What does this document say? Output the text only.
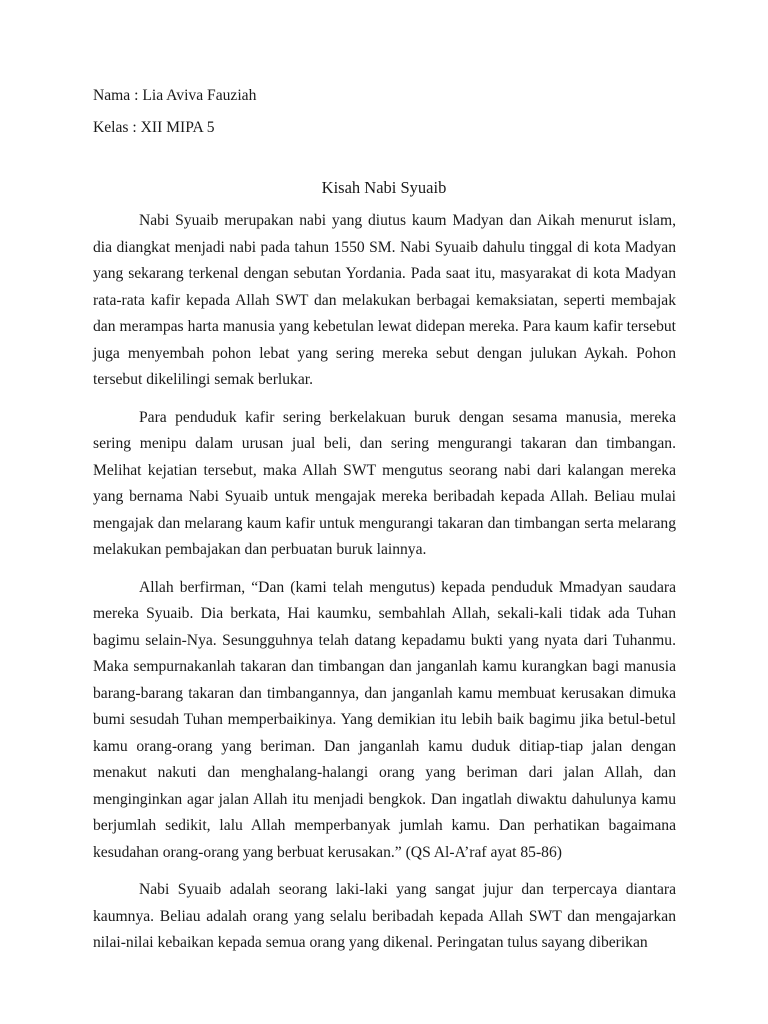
Nama : Lia Aviva Fauziah

Kelas : XII MIPA 5

Kisah Nabi Syuaib

Nabi Syuaib merupakan nabi yang diutus kaum Madyan dan Aikah menurut islam, dia diangkat menjadi nabi pada tahun 1550 SM. Nabi Syuaib dahulu tinggal di kota Madyan yang sekarang terkenal dengan sebutan Yordania. Pada saat itu, masyarakat di kota Madyan rata-rata kafir kepada Allah SWT dan melakukan berbagai kemaksiatan, seperti membajak dan merampas harta manusia yang kebetulan lewat didepan mereka. Para kaum kafir tersebut juga menyembah pohon lebat yang sering mereka sebut dengan julukan Aykah. Pohon tersebut dikelilingi semak berlukar.

Para penduduk kafir sering berkelakuan buruk dengan sesama manusia, mereka sering menipu dalam urusan jual beli, dan sering mengurangi takaran dan timbangan. Melihat kejatian tersebut, maka Allah SWT mengutus seorang nabi dari kalangan mereka yang bernama Nabi Syuaib untuk mengajak mereka beribadah kepada Allah. Beliau mulai mengajak dan melarang kaum kafir untuk mengurangi takaran dan timbangan serta melarang melakukan pembajakan dan perbuatan buruk lainnya.

Allah berfirman, “Dan (kami telah mengutus) kepada penduduk Mmadyan saudara mereka Syuaib. Dia berkata, Hai kaumku, sembahlah Allah, sekali-kali tidak ada Tuhan bagimu selain-Nya. Sesungguhnya telah datang kepadamu bukti yang nyata dari Tuhanmu. Maka sempurnakanlah takaran dan timbangan dan janganlah kamu kurangkan bagi manusia barang-barang takaran dan timbangannya, dan janganlah kamu membuat kerusakan dimuka bumi sesudah Tuhan memperbaikinya. Yang demikian itu lebih baik bagimu jika betul-betul kamu orang-orang yang beriman. Dan janganlah kamu duduk ditiap-tiap jalan dengan menakut nakuti dan menghalang-halangi orang yang beriman dari jalan Allah, dan menginginkan agar jalan Allah itu menjadi bengkok. Dan ingatlah diwaktu dahulunya kamu berjumlah sedikit, lalu Allah memperbanyak jumlah kamu. Dan perhatikan bagaimana kesudahan orang-orang yang berbuat kerusakan.” (QS Al-A’raf ayat 85-86)

Nabi Syuaib adalah seorang laki-laki yang sangat jujur dan terpercaya diantara kaumnya. Beliau adalah orang yang selalu beribadah kepada Allah SWT dan mengajarkan nilai-nilai kebaikan kepada semua orang yang dikenal. Peringatan tulus sayang diberikan
